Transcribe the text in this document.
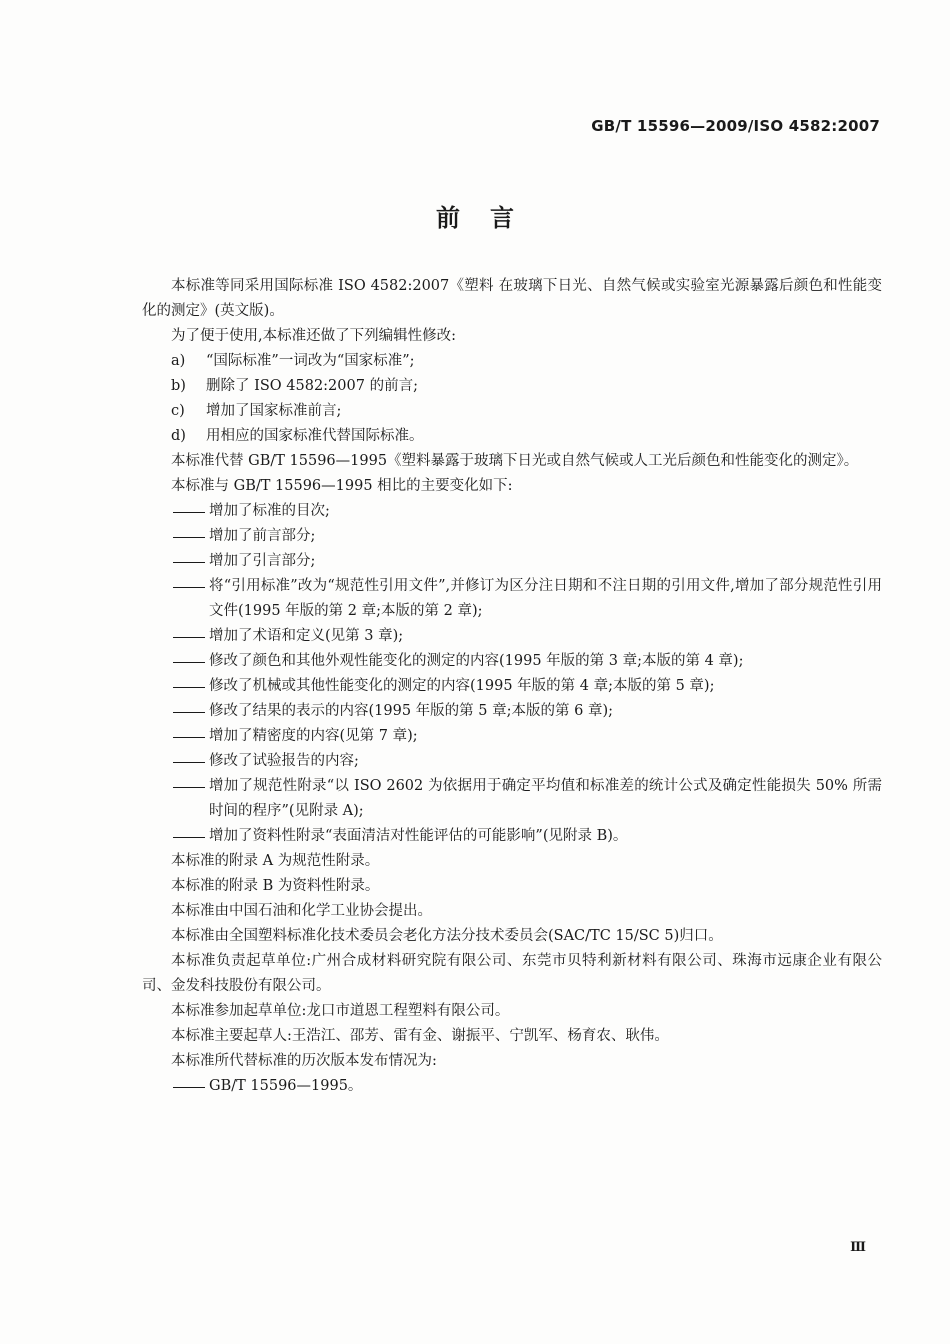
GB/T 15596—2009/ISO 4582:2007
前言

本标准等同采用国际标准 ISO 4582:2007《塑料 在玻璃下日光、自然气候或实验室光源暴露后颜色和性能变化的测定》(英文版)。

为了便于使用,本标准还做了下列编辑性修改:

a)	“国际标准”一词改为“国家标准”;
b)	删除了 ISO 4582:2007 的前言;
c)	增加了国家标准前言;
d)	用相应的国家标准代替国际标准。

本标准代替 GB/T 15596—1995《塑料暴露于玻璃下日光或自然气候或人工光后颜色和性能变化的测定》。

本标准与 GB/T 15596—1995 相比的主要变化如下:

增加了标准的目次;
增加了前言部分;
增加了引言部分;
将“引用标准”改为“规范性引用文件”,并修订为区分注日期和不注日期的引用文件,增加了部分规范性引用文件(1995 年版的第 2 章;本版的第 2 章);
增加了术语和定义(见第 3 章);
修改了颜色和其他外观性能变化的测定的内容(1995 年版的第 3 章;本版的第 4 章);
修改了机械或其他性能变化的测定的内容(1995 年版的第 4 章;本版的第 5 章);
修改了结果的表示的内容(1995 年版的第 5 章;本版的第 6 章);
增加了精密度的内容(见第 7 章);
修改了试验报告的内容;
增加了规范性附录“以 ISO 2602 为依据用于确定平均值和标准差的统计公式及确定性能损失 50% 所需时间的程序”(见附录 A);
增加了资料性附录“表面清洁对性能评估的可能影响”(见附录 B)。

本标准的附录 A 为规范性附录。

本标准的附录 B 为资料性附录。

本标准由中国石油和化学工业协会提出。

本标准由全国塑料标准化技术委员会老化方法分技术委员会(SAC/TC 15/SC 5)归口。

本标准负责起草单位:广州合成材料研究院有限公司、东莞市贝特利新材料有限公司、珠海市远康企业有限公司、金发科技股份有限公司。

本标准参加起草单位:龙口市道恩工程塑料有限公司。

本标准主要起草人:王浩江、邵芳、雷有金、谢振平、宁凯军、杨育农、耿伟。

本标准所代替标准的历次版本发布情况为:

GB/T 15596—1995。
Ⅲ
